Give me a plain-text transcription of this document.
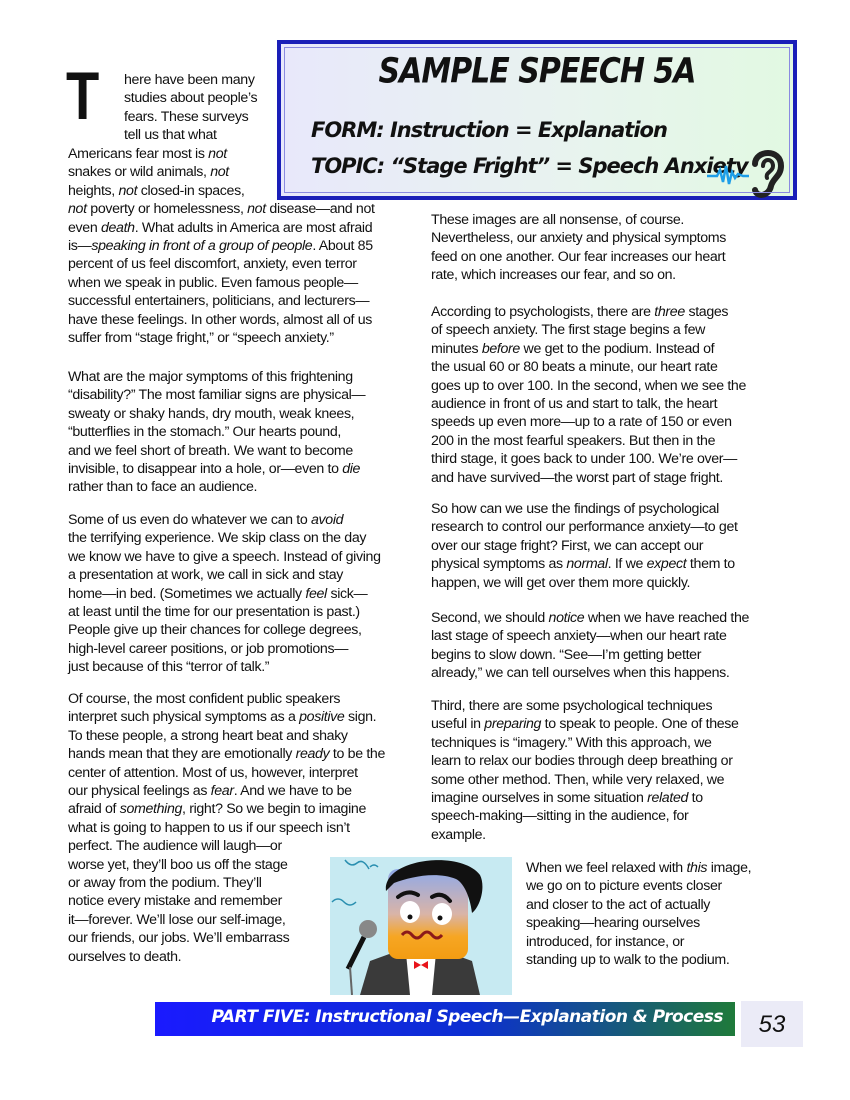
SAMPLE SPEECH 5A
FORM: Instruction = Explanation
TOPIC: “Stage Fright” = Speech Anxiety
T here have been many
studies about people’s
fears. These surveys
tell us that what
Americans fear most is not
snakes or wild animals, not
heights, not closed-in spaces,
not poverty or homelessness, not disease—and not
even death. What adults in America are most afraid
is—speaking in front of a group of people. About 85
percent of us feel discomfort, anxiety, even terror
when we speak in public. Even famous people—
successful entertainers, politicians, and lecturers—
have these feelings. In other words, almost all of us
suffer from “stage fright,” or “speech anxiety.”
What are the major symptoms of this frightening
“disability?” The most familiar signs are physical—
sweaty or shaky hands, dry mouth, weak knees,
“butterflies in the stomach.” Our hearts pound,
and we feel short of breath. We want to become
invisible, to disappear into a hole, or—even to die
rather than to face an audience.
Some of us even do whatever we can to avoid
the terrifying experience. We skip class on the day
we know we have to give a speech. Instead of giving
a presentation at work, we call in sick and stay
home—in bed. (Sometimes we actually feel sick—
at least until the time for our presentation is past.)
People give up their chances for college degrees,
high-level career positions, or job promotions—
just because of this “terror of talk.”
Of course, the most confident public speakers
interpret such physical symptoms as a positive sign.
To these people, a strong heart beat and shaky
hands mean that they are emotionally ready to be the
center of attention. Most of us, however, interpret
our physical feelings as fear. And we have to be
afraid of something, right? So we begin to imagine
what is going to happen to us if our speech isn’t
perfect. The audience will laugh—or
worse yet, they’ll boo us off the stage
or away from the podium. They’ll
notice every mistake and remember
it—forever. We’ll lose our self-image,
our friends, our jobs. We’ll embarrass
ourselves to death.
These images are all nonsense, of course.
Nevertheless, our anxiety and physical symptoms
feed on one another. Our fear increases our heart
rate, which increases our fear, and so on.
According to psychologists, there are three stages
of speech anxiety. The first stage begins a few
minutes before we get to the podium. Instead of
the usual 60 or 80 beats a minute, our heart rate
goes up to over 100. In the second, when we see the
audience in front of us and start to talk, the heart
speeds up even more—up to a rate of 150 or even
200 in the most fearful speakers. But then in the
third stage, it goes back to under 100. We’re over—
and have survived—the worst part of stage fright.
So how can we use the findings of psychological
research to control our performance anxiety—to get
over our stage fright? First, we can accept our
physical symptoms as normal. If we expect them to
happen, we will get over them more quickly.
Second, we should notice when we have reached the
last stage of speech anxiety—when our heart rate
begins to slow down. “See—I’m getting better
already,” we can tell ourselves when this happens.
Third, there are some psychological techniques
useful in preparing to speak to people. One of these
techniques is “imagery.” With this approach, we
learn to relax our bodies through deep breathing or
some other method. Then, while very relaxed, we
imagine ourselves in some situation related to
speech-making—sitting in the audience, for
example.
When we feel relaxed with this image,
we go on to picture events closer
and closer to the act of actually
speaking—hearing ourselves
introduced, for instance, or
standing up to walk to the podium.
PART FIVE: Instructional Speech—Explanation & Process	53
